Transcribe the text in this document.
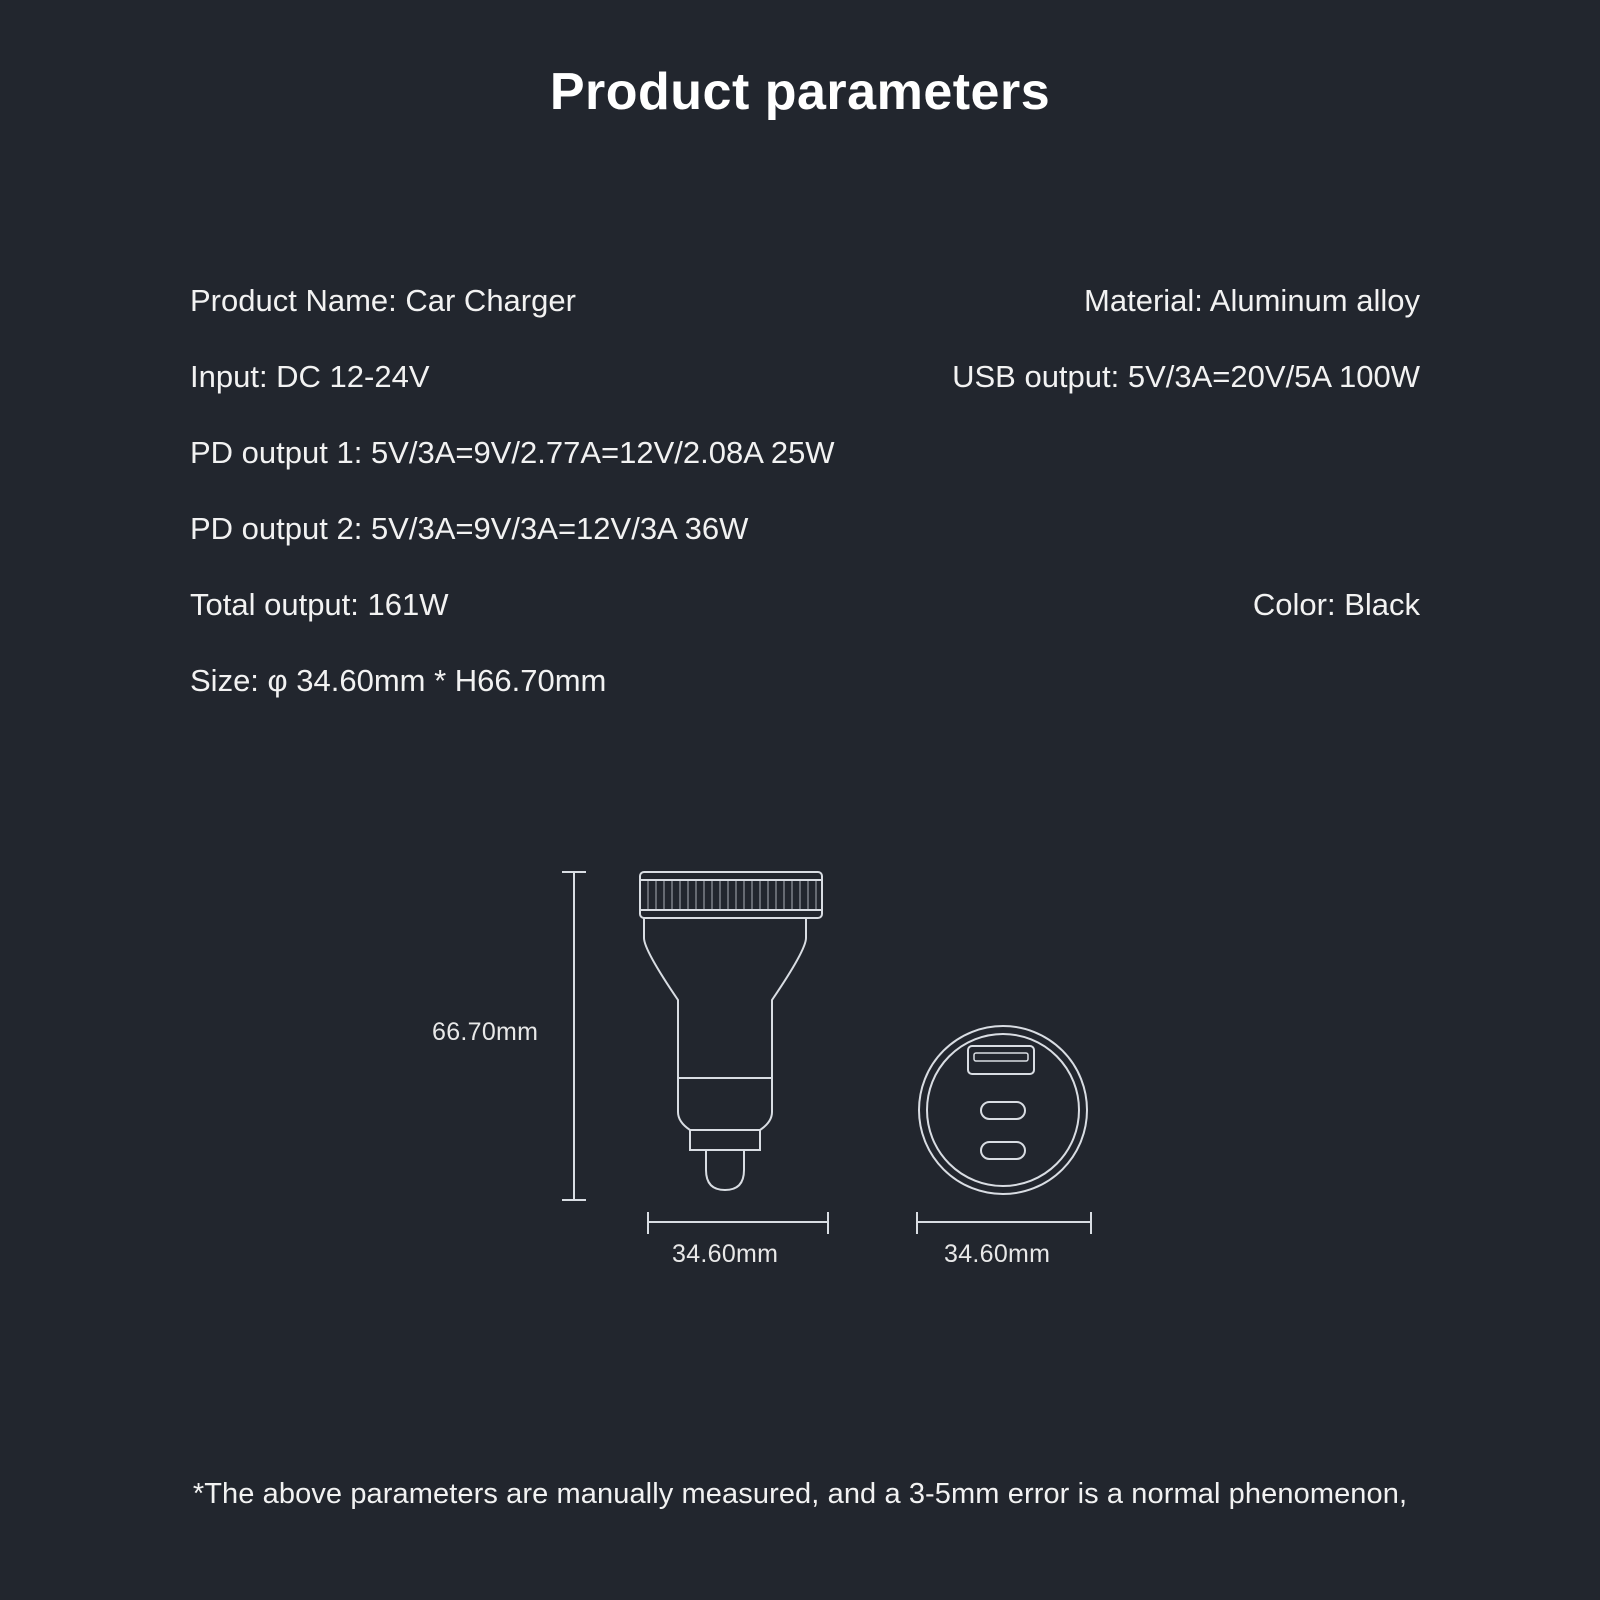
Product parameters
Product Name: Car Charger	Material: Aluminum alloy
Input: DC 12-24V	USB output: 5V/3A=20V/5A 100W
PD output 1: 5V/3A=9V/2.77A=12V/2.08A 25W
PD output 2: 5V/3A=9V/3A=12V/3A 36W
Total output: 161W	Color: Black
Size: φ 34.60mm * H66.70mm
66.70mm
34.60mm	34.60mm
*The above parameters are manually measured, and a 3-5mm error is a normal phenomenon,
